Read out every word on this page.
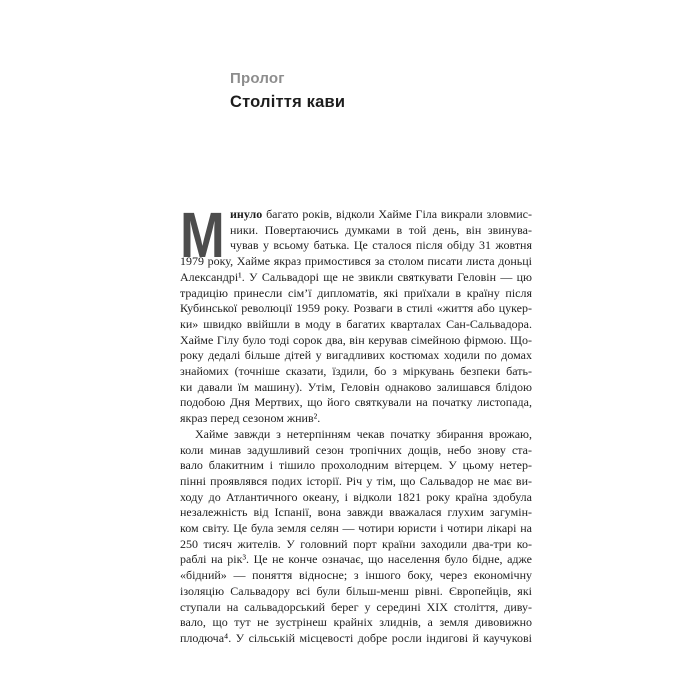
Пролог
Століття кави
М инуло багато років, відколи Хайме Гіла викрали зловмис-
ники. Повертаючись думками в той день, він звинува-
чував у всьому батька. Це сталося після обіду 31 жовтня
1979 року, Хайме якраз примостився за столом писати листа доньці
Александрі¹. У Сальвадорі ще не звикли святкувати Геловін — цю
традицію принесли сім’ї дипломатів, які приїхали в країну після
Кубинської революції 1959 року. Розваги в стилі «життя або цукер-
ки» швидко ввійшли в моду в багатих кварталах Сан-Сальвадора.
Хайме Гілу було тоді сорок два, він керував сімейною фірмою. Що-
року дедалі більше дітей у вигадливих костюмах ходили по домах
знайомих (точніше сказати, їздили, бо з міркувань безпеки бать-
ки давали їм машину). Утім, Геловін однаково залишався блідою
подобою Дня Мертвих, що його святкували на початку листопада,
якраз перед сезоном жнив².
Хайме завжди з нетерпінням чекав початку збирання врожаю,
коли минав задушливий сезон тропічних дощів, небо знову ста-
вало блакитним і тішило прохолодним вітерцем. У цьому нетер-
пінні проявлявся подих історії. Річ у тім, що Сальвадор не має ви-
ходу до Атлантичного океану, і відколи 1821 року країна здобула
незалежність від Іспанії, вона завжди вважалася глухим загумін-
ком світу. Це була земля селян — чотири юристи і чотири лікарі на
250 тисяч жителів. У головний порт країни заходили два-три ко-
раблі на рік³. Це не конче означає, що населення було бідне, адже
«бідний» — поняття відносне; з іншого боку, через економічну
ізоляцію Сальвадору всі були більш-менш рівні. Європейців, які
ступали на сальвадорський берег у середині XIX століття, диву-
вало, що тут не зустрінеш крайніх злиднів, а земля дивовижно
плодюча⁴. У сільській місцевості добре росли індигові й каучукові
